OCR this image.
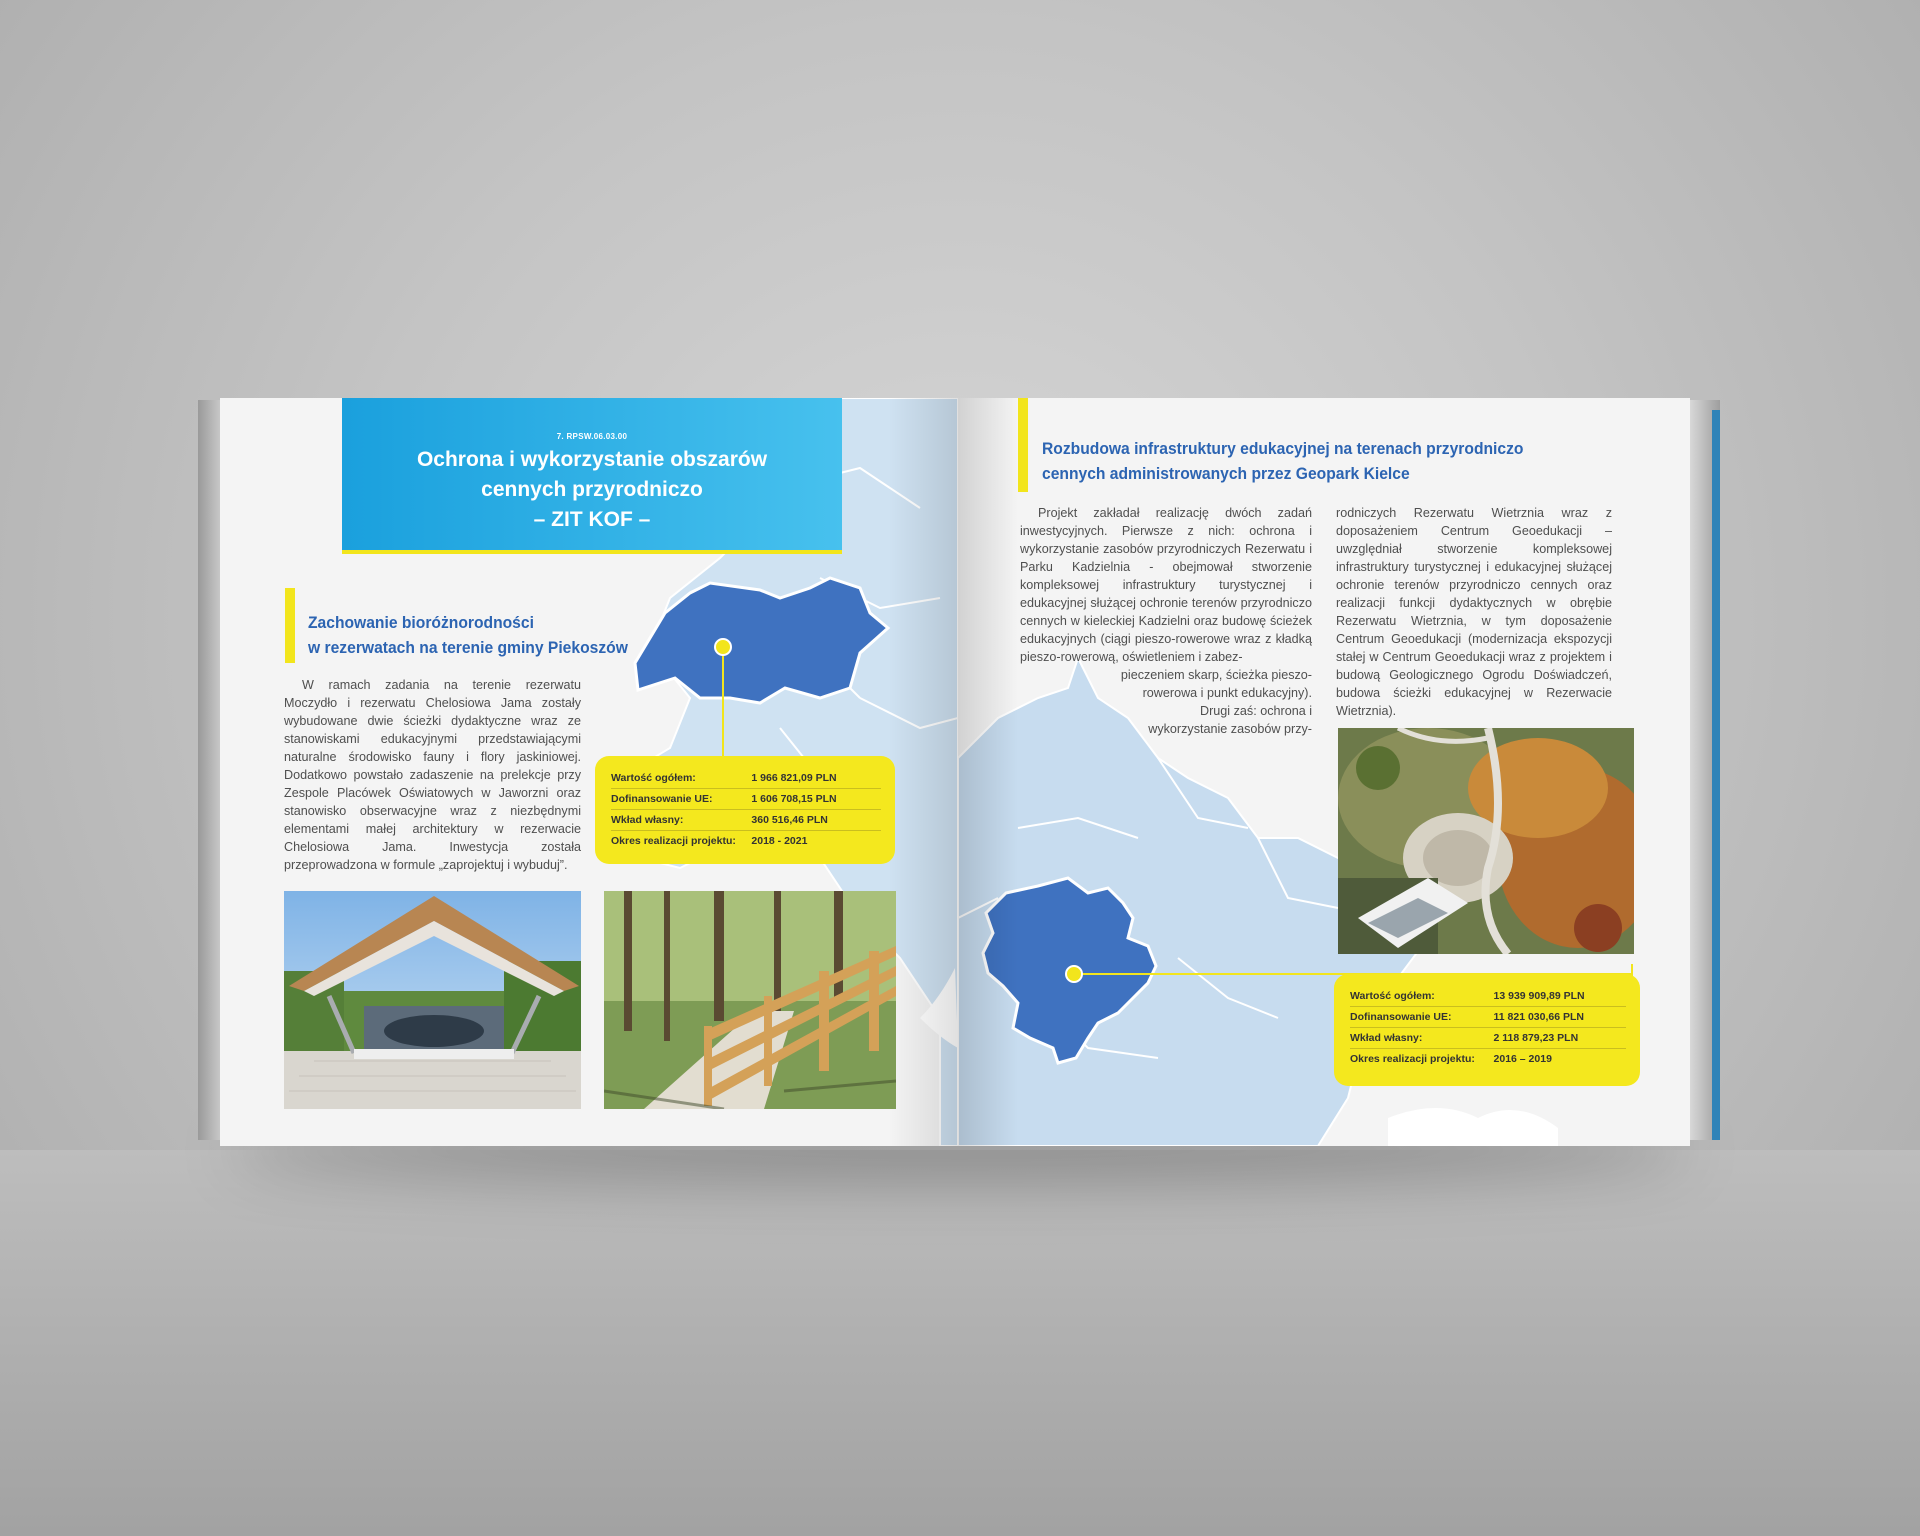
7. RPSW.06.03.00
Ochrona i wykorzystanie obszarów
cennych przyrodniczo
– ZIT KOF –
Zachowanie bioróżnorodności
w rezerwatach na terenie gminy Piekoszów
W ramach zadania na terenie rezerwatu Moczydło i rezerwatu Chelosiowa Jama zostały wybudowane dwie ścieżki dydaktyczne wraz ze stanowiskami edukacyjnymi przedstawiającymi naturalne środowisko fauny i flory jaskiniowej. Dodatkowo powstało zadaszenie na prelekcje przy Zespole Placówek Oświatowych w Jaworzni oraz stanowisko obserwacyjne wraz z niezbędnymi elementami małej architektury w rezerwacie Chelosiowa Jama. Inwestycja została przeprowadzona w formule „zaprojektuj i wybuduj”.
Wartość ogółem:	1 966 821,09 PLN
Dofinansowanie UE:	1 606 708,15 PLN
Wkład własny:	360 516,46 PLN
Okres realizacji projektu:	2018 - 2021
Rozbudowa infrastruktury edukacyjnej na terenach przyrodniczo
cennych administrowanych przez Geopark Kielce
Projekt zakładał realizację dwóch zadań inwestycyjnych. Pierwsze z nich: ochrona i wykorzystanie zasobów przyrodniczych Rezerwatu i Parku Kadzielnia - obejmował stworzenie kompleksowej infrastruktury turystycznej i edukacyjnej służącej ochronie terenów przyrodniczo cennych w kieleckiej Kadzielni oraz budowę ścieżek edukacyjnych (ciągi pieszo-rowerowe wraz z kładką pieszo-rowerową, oświetleniem i zabez-
pieczeniem skarp, ścieżka pieszo-rowerowa i punkt edukacyjny). Drugi zaś: ochrona i wykorzystanie zasobów przy-
rodniczych Rezerwatu Wietrznia wraz z doposażeniem Centrum Geoedukacji – uwzględniał stworzenie kompleksowej infrastruktury turystycznej i edukacyjnej służącej ochronie terenów przyrodniczo cennych oraz realizacji funkcji dydaktycznych w obrębie Rezerwatu Wietrznia, w tym doposażenie Centrum Geoedukacji (modernizacja ekspozycji stałej w Centrum Geoedukacji wraz z projektem i budową Geologicznego Ogrodu Doświadczeń, budowa ścieżki edukacyjnej w Rezerwacie Wietrznia).
Wartość ogółem:	13 939 909,89 PLN
Dofinansowanie UE:	11 821 030,66 PLN
Wkład własny:	2 118 879,23 PLN
Okres realizacji projektu:	2016 – 2019
